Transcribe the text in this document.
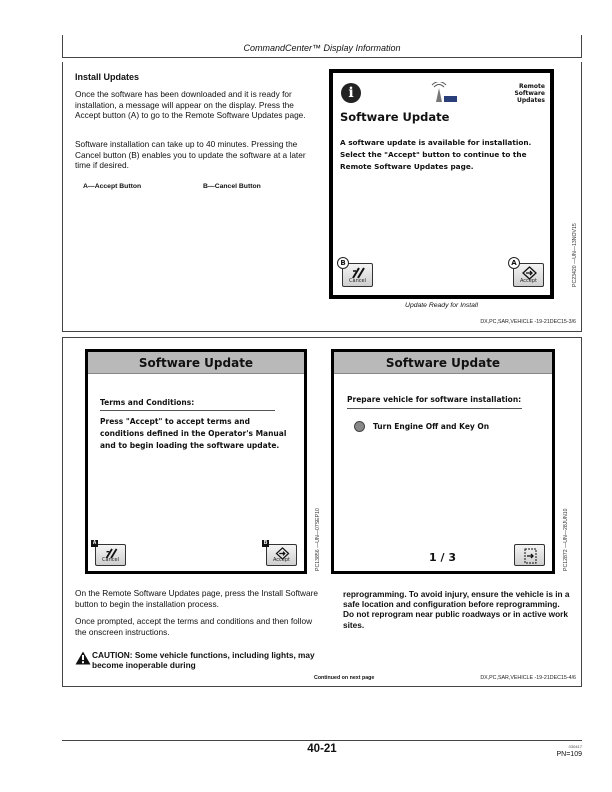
CommandCenter™ Display Information
Install Updates
Once the software has been downloaded and it is ready for installation, a message will appear on the display. Press the Accept button (A) to go to the Remote Software Updates page.
Software installation can take up to 40 minutes. Pressing the Cancel button (B) enables you to update the software at a later time if desired.
A—Accept Button	B—Cancel Button
i	Remote
Software
Updates
Software Update
A software update is available for installation. Select the "Accept" button to continue to the Remote Software Updates page.
Cancel
B
Accept
A	PC23420 —UN—13NOV15
Update Ready for Install
DX,PC,SAR,VEHICLE -19-21DEC15-3/6
Software Update
Terms and Conditions:
Press "Accept" to accept terms and conditions defined in the Operator's Manual and to begin loading the software update.
Cancel
A
Accept
B	PC13856 —UN—07SEP10
Software Update
Prepare vehicle for software installation:
Turn Engine Off and Key On
1 / 3	PC12872 —UN—28JUN10
On the Remote Software Updates page, press the Install Software button to begin the installation process.
Once prompted, accept the terms and conditions and then follow the onscreen instructions.
CAUTION: Some vehicle functions, including lights, may become inoperable during
reprogramming. To avoid injury, ensure the vehicle is in a safe location and configuration before reprogramming. Do not reprogram near public roadways or in active work sites.
Continued on next page	DX,PC,SAR,VEHICLE -19-21DEC15-4/6
40-21	030417
PN=109
